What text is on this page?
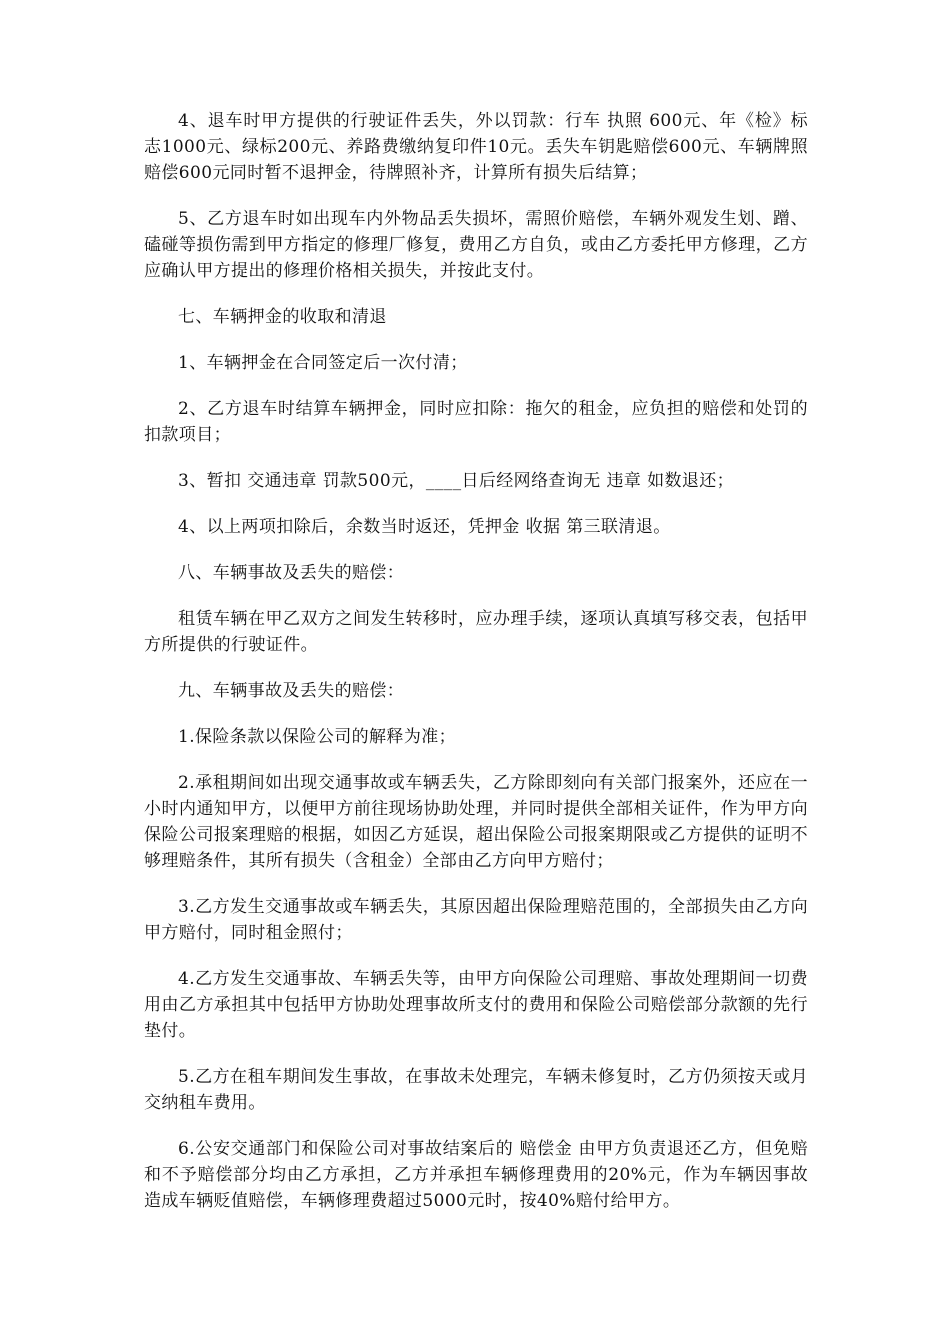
4、退车时甲方提供的行驶证件丢失，外以罚款：行车 执照 600元、年《检》标志1000元、绿标200元、养路费缴纳复印件10元。丢失车钥匙赔偿600元、车辆牌照赔偿600元同时暂不退押金，待牌照补齐，计算所有损失后结算；

5、乙方退车时如出现车内外物品丢失损坏，需照价赔偿，车辆外观发生划、蹭、磕碰等损伤需到甲方指定的修理厂修复，费用乙方自负，或由乙方委托甲方修理，乙方应确认甲方提出的修理价格相关损失，并按此支付。

七、车辆押金的收取和清退

1、车辆押金在合同签定后一次付清；

2、乙方退车时结算车辆押金，同时应扣除：拖欠的租金，应负担的赔偿和处罚的扣款项目；

3、暂扣 交通违章 罚款500元，____日后经网络查询无 违章 如数退还；

4、以上两项扣除后，余数当时返还，凭押金 收据 第三联清退。

八、车辆事故及丢失的赔偿：

租赁车辆在甲乙双方之间发生转移时，应办理手续，逐项认真填写移交表，包括甲方所提供的行驶证件。

九、车辆事故及丢失的赔偿：

1.保险条款以保险公司的解释为准；

2.承租期间如出现交通事故或车辆丢失，乙方除即刻向有关部门报案外，还应在一小时内通知甲方，以便甲方前往现场协助处理，并同时提供全部相关证件，作为甲方向保险公司报案理赔的根据，如因乙方延误，超出保险公司报案期限或乙方提供的证明不够理赔条件，其所有损失（含租金）全部由乙方向甲方赔付；

3.乙方发生交通事故或车辆丢失，其原因超出保险理赔范围的，全部损失由乙方向甲方赔付，同时租金照付；

4.乙方发生交通事故、车辆丢失等，由甲方向保险公司理赔、事故处理期间一切费用由乙方承担其中包括甲方协助处理事故所支付的费用和保险公司赔偿部分款额的先行垫付。

5.乙方在租车期间发生事故，在事故未处理完，车辆未修复时，乙方仍须按天或月交纳租车费用。

6.公安交通部门和保险公司对事故结案后的 赔偿金 由甲方负责退还乙方，但免赔和不予赔偿部分均由乙方承担，乙方并承担车辆修理费用的20%元，作为车辆因事故造成车辆贬值赔偿，车辆修理费超过5000元时，按40%赔付给甲方。
